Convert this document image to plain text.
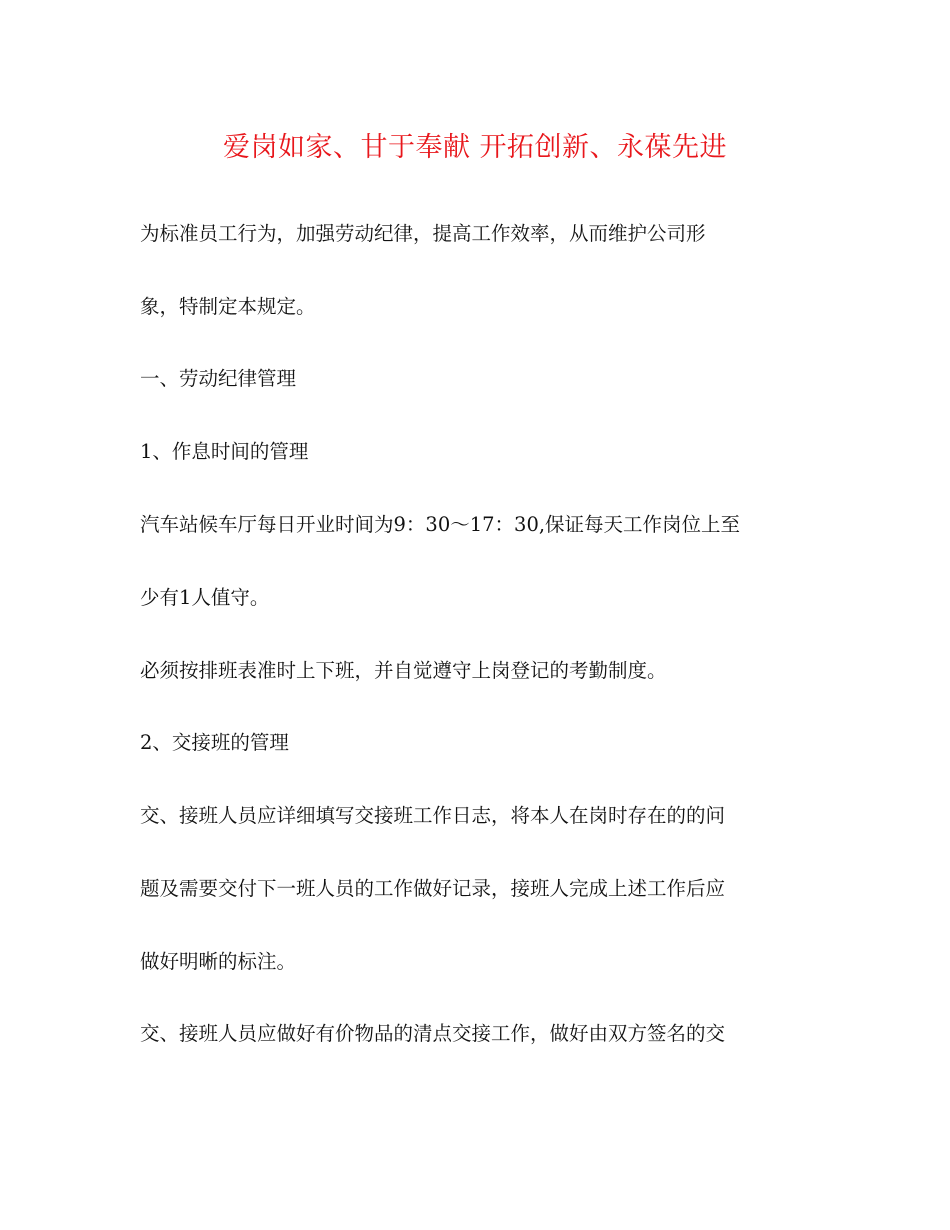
爱岗如家、甘于奉献 开拓创新、永葆先进
为标准员工行为，加强劳动纪律，提高工作效率，从而维护公司形
象，特制定本规定。
一、劳动纪律管理
1、作息时间的管理
汽车站候车厅每日开业时间为9：30～17：30,保证每天工作岗位上至
少有1人值守。
必须按排班表准时上下班，并自觉遵守上岗登记的考勤制度。
2、交接班的管理
交、接班人员应详细填写交接班工作日志，将本人在岗时存在的的问
题及需要交付下一班人员的工作做好记录，接班人完成上述工作后应
做好明晰的标注。
交、接班人员应做好有价物品的清点交接工作，做好由双方签名的交
